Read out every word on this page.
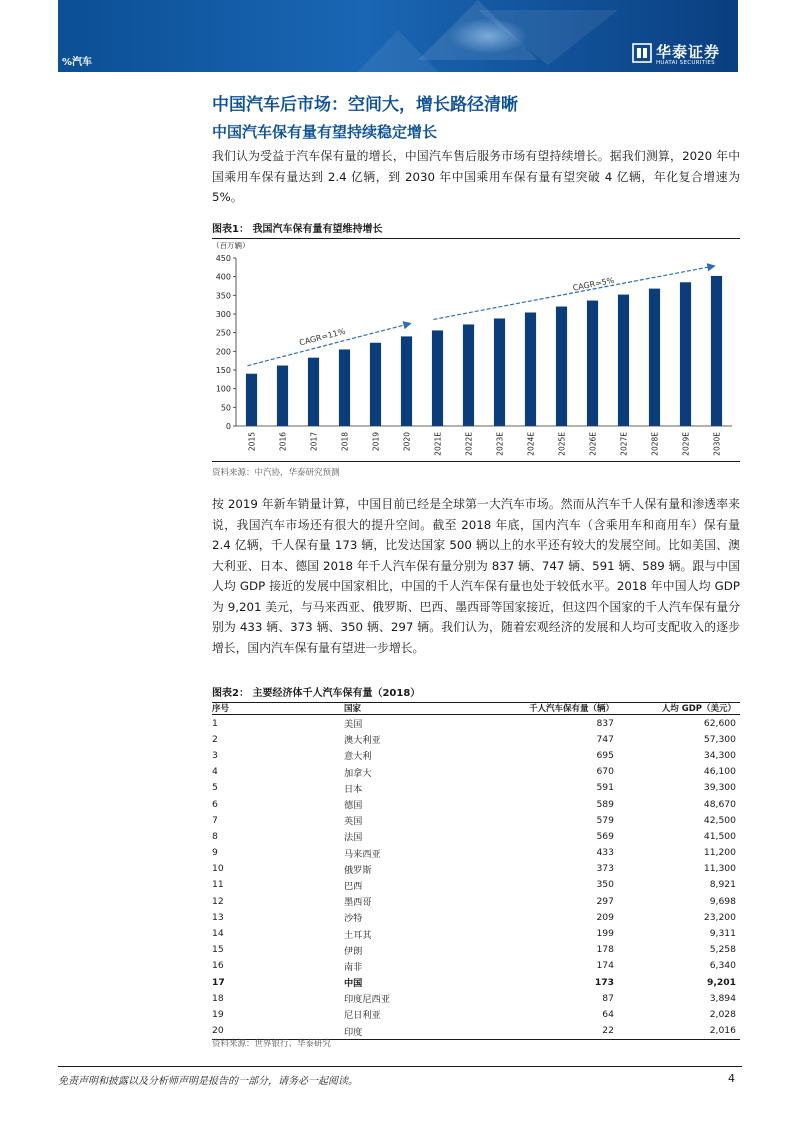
%汽车
华泰证券
HUATAI SECURITIES
中国汽车后市场：空间大，增长路径清晰
中国汽车保有量有望持续稳定增长
我们认为受益于汽车保有量的增长，中国汽车售后服务市场有望持续增长。据我们测算，2020 年中国乘用车保有量达到 2.4 亿辆，到 2030 年中国乘用车保有量有望突破 4 亿辆，年化复合增速为 5%。
图表1： 我国汽车保有量有望维持增长
（百万辆）
0
50
100
150
200
250
300
350
400
450
2015	2016	2017	2018	2019	2020	2021E	2022E	2023E	2024E	2025E	2026E	2027E	2028E	2029E	2030E
CAGR=11%
CAGR=5%
资料来源：中汽协，华泰研究预测
按 2019 年新车销量计算，中国目前已经是全球第一大汽车市场。然而从汽车千人保有量和渗透率来说，我国汽车市场还有很大的提升空间。截至 2018 年底，国内汽车（含乘用车和商用车）保有量 2.4 亿辆，千人保有量 173 辆，比发达国家 500 辆以上的水平还有较大的发展空间。比如美国、澳大利亚、日本、德国 2018 年千人汽车保有量分别为 837 辆、747 辆、591 辆、589 辆。跟与中国人均 GDP 接近的发展中国家相比，中国的千人汽车保有量也处于较低水平。2018 年中国人均 GDP 为 9,201 美元，与马来西亚、俄罗斯、巴西、墨西哥等国家接近，但这四个国家的千人汽车保有量分别为 433 辆、373 辆、350 辆、297 辆。我们认为，随着宏观经济的发展和人均可支配收入的逐步增长，国内汽车保有量有望进一步增长。
图表2： 主要经济体千人汽车保有量（2018）
序号	国家	千人汽车保有量（辆）	人均 GDP（美元）
1	美国	837	62,600
2	澳大利亚	747	57,300
3	意大利	695	34,300
4	加拿大	670	46,100
5	日本	591	39,300
6	德国	589	48,670
7	英国	579	42,500
8	法国	569	41,500
9	马来西亚	433	11,200
10	俄罗斯	373	11,300
11	巴西	350	8,921
12	墨西哥	297	9,698
13	沙特	209	23,200
14	土耳其	199	9,311
15	伊朗	178	5,258
16	南非	174	6,340
17	中国	173	9,201
18	印度尼西亚	87	3,894
19	尼日利亚	64	2,028
20	印度	22	2,016
资料来源：世界银行、华泰研究
免责声明和披露以及分析师声明是报告的一部分，请务必一起阅读。	4
